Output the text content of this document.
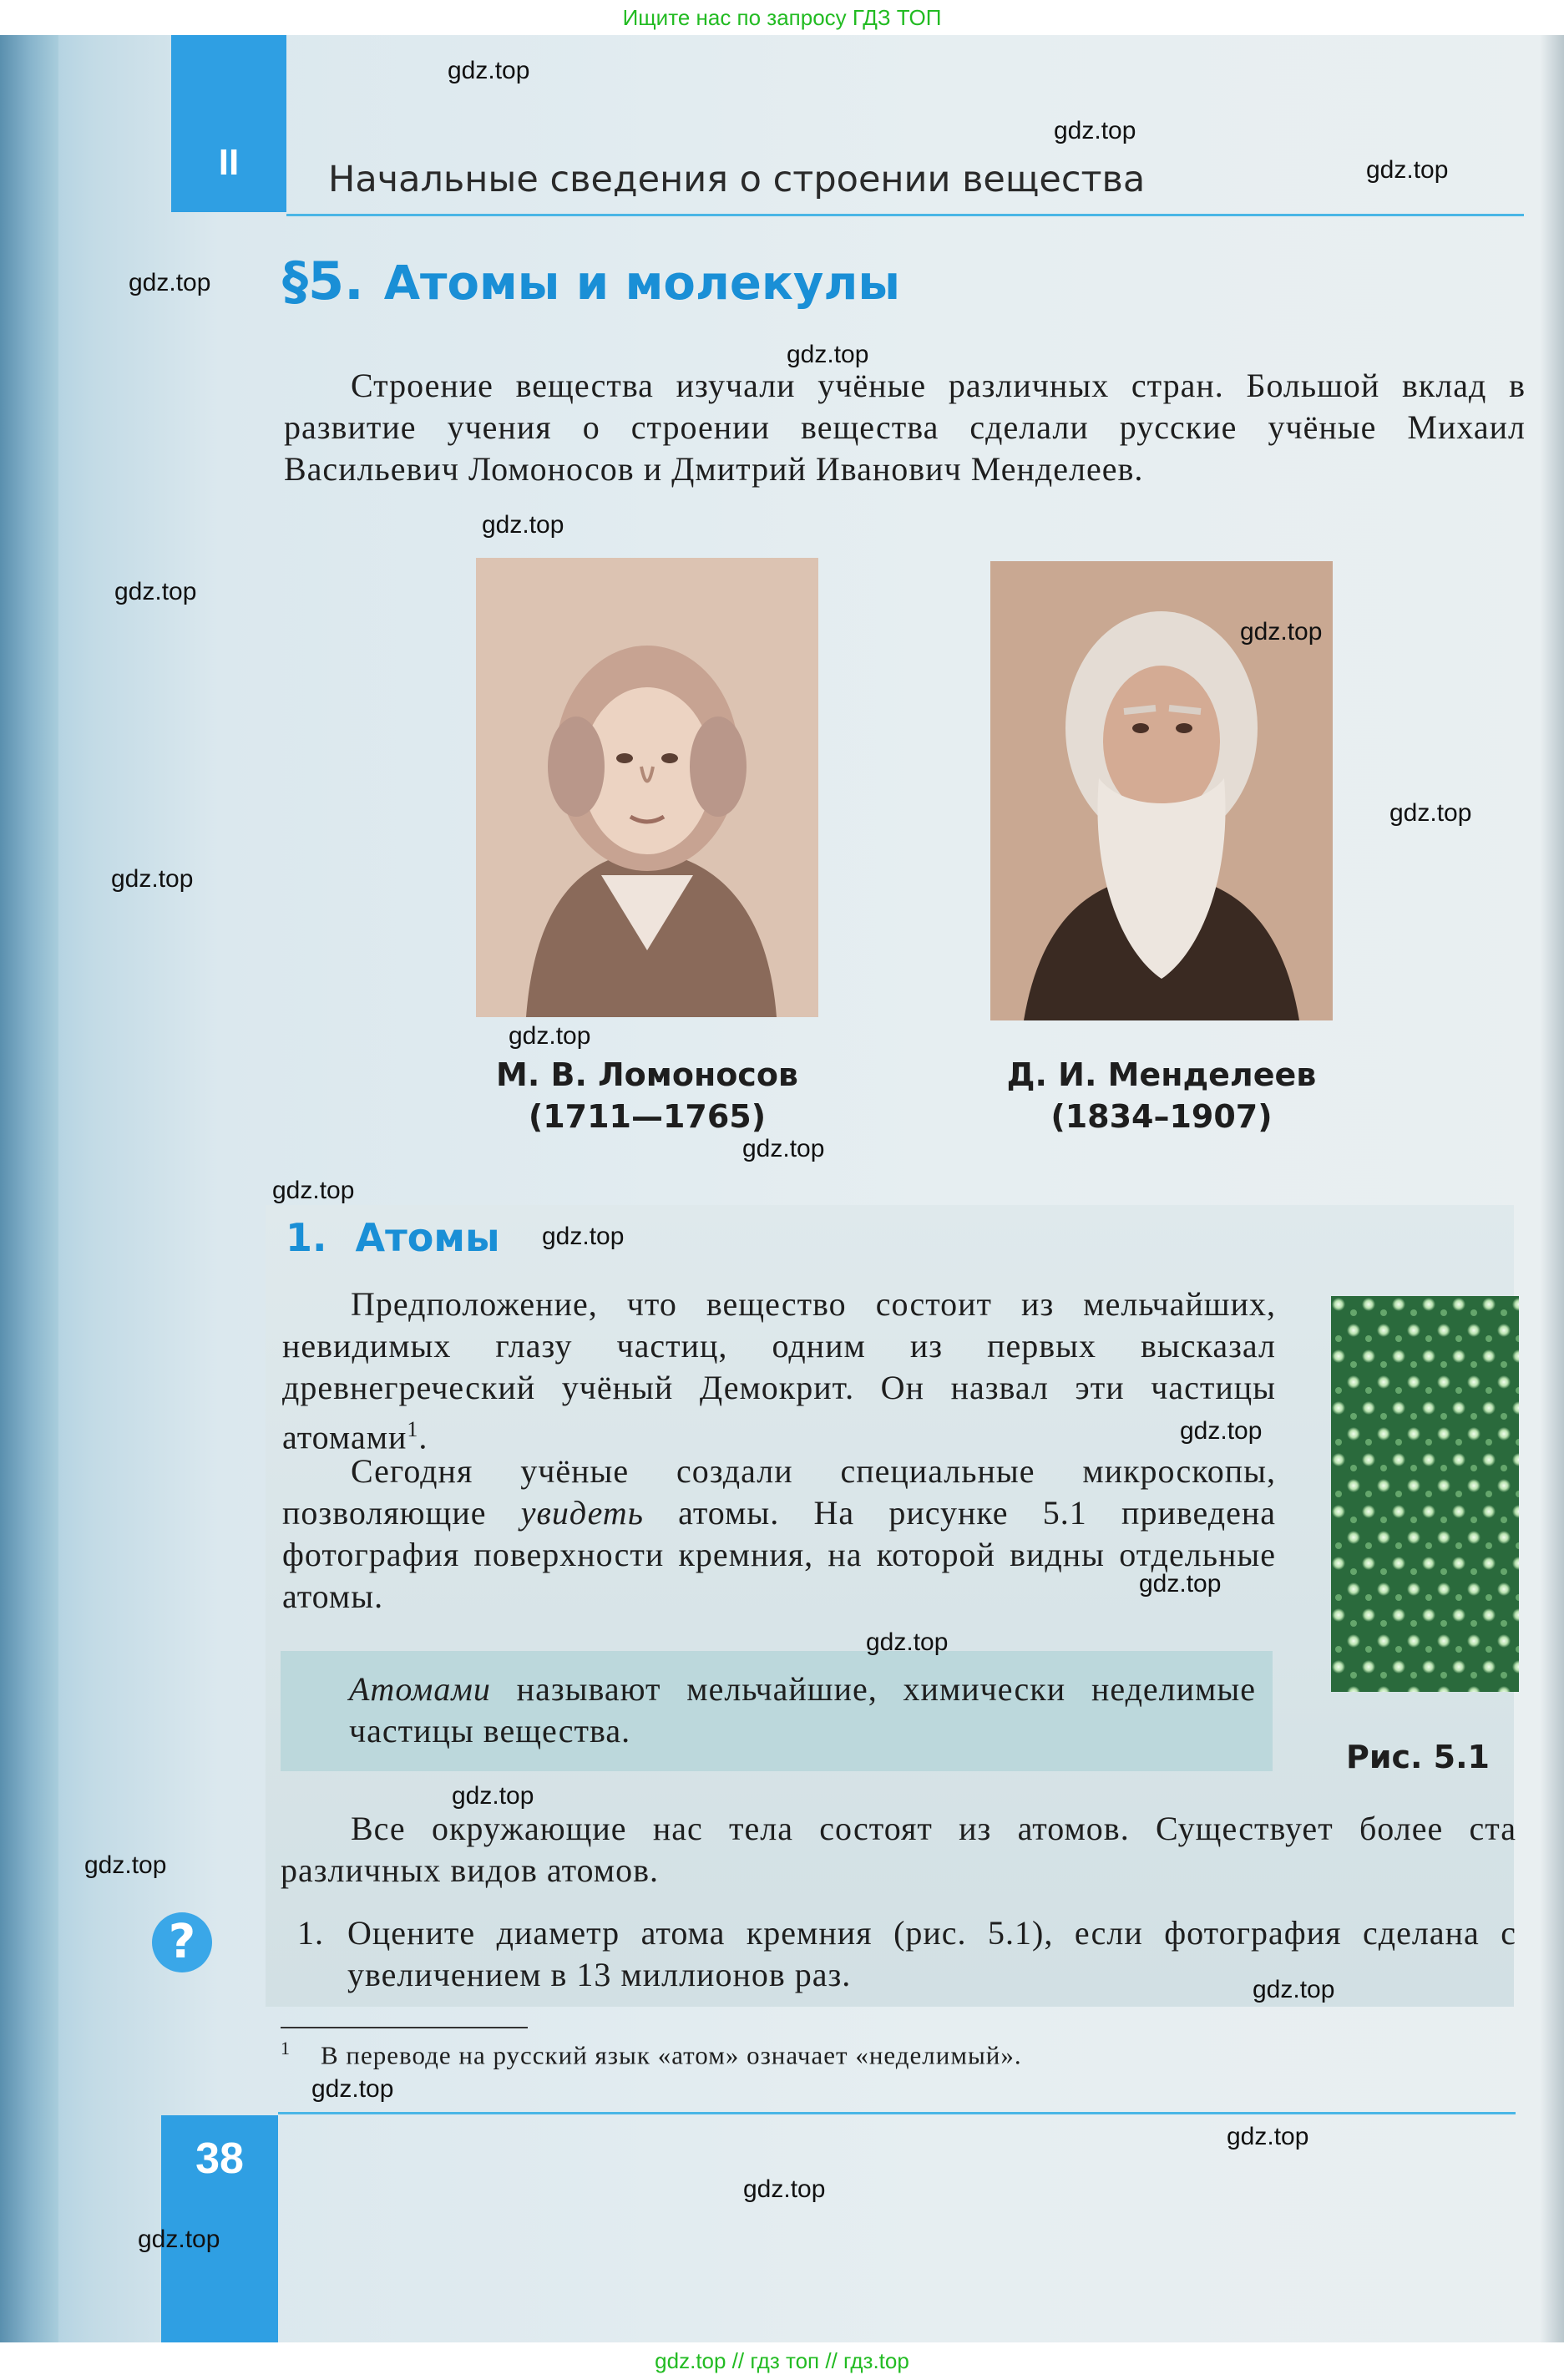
Ищите нас по запросу ГДЗ ТОП
II	Начальные сведения о строении вещества
§5. Атомы и молекулы
Строение вещества изучали учёные различных стран. Большой вклад в развитие учения о строении вещества сделали русские учёные Михаил Васильевич Ломоносов и Дмитрий Иванович Менделеев.
М. В. Ломоносов
(1711—1765)
Д. И. Менделеев
(1834–1907)
1. Атомы
Предположение, что вещество состоит из мельчайших, невидимых глазу частиц, одним из первых высказал древнегреческий учёный Демокрит. Он назвал эти частицы атомами$^1$.
Сегодня учёные создали специальные микроскопы, позволяющие увидеть атомы. На рисунке 5.1 приведена фотография поверхности кремния, на которой видны отдельные атомы.
Атомами называют мельчайшие, химически неделимые частицы вещества.
Все окружающие нас тела состоят из атомов. Существует более ста различных видов атомов.
Рис. 5.1
?	1. Оцените диаметр атома кремния (рис. 5.1), если фотография сделана с увеличением в 13 миллионов раз.
$^1$ В переводе на русский язык «атом» означает «неделимый».
38
gdz.top
gdz.top
gdz.top
gdz.top
gdz.top
gdz.top
gdz.top
gdz.top
gdz.top
gdz.top
gdz.top
gdz.top
gdz.top
gdz.top
gdz.top
gdz.top
gdz.top
gdz.top
gdz.top
gdz.top
gdz.top
gdz.top
gdz.top
gdz.top
gdz.top // гдз топ // гдз.top
